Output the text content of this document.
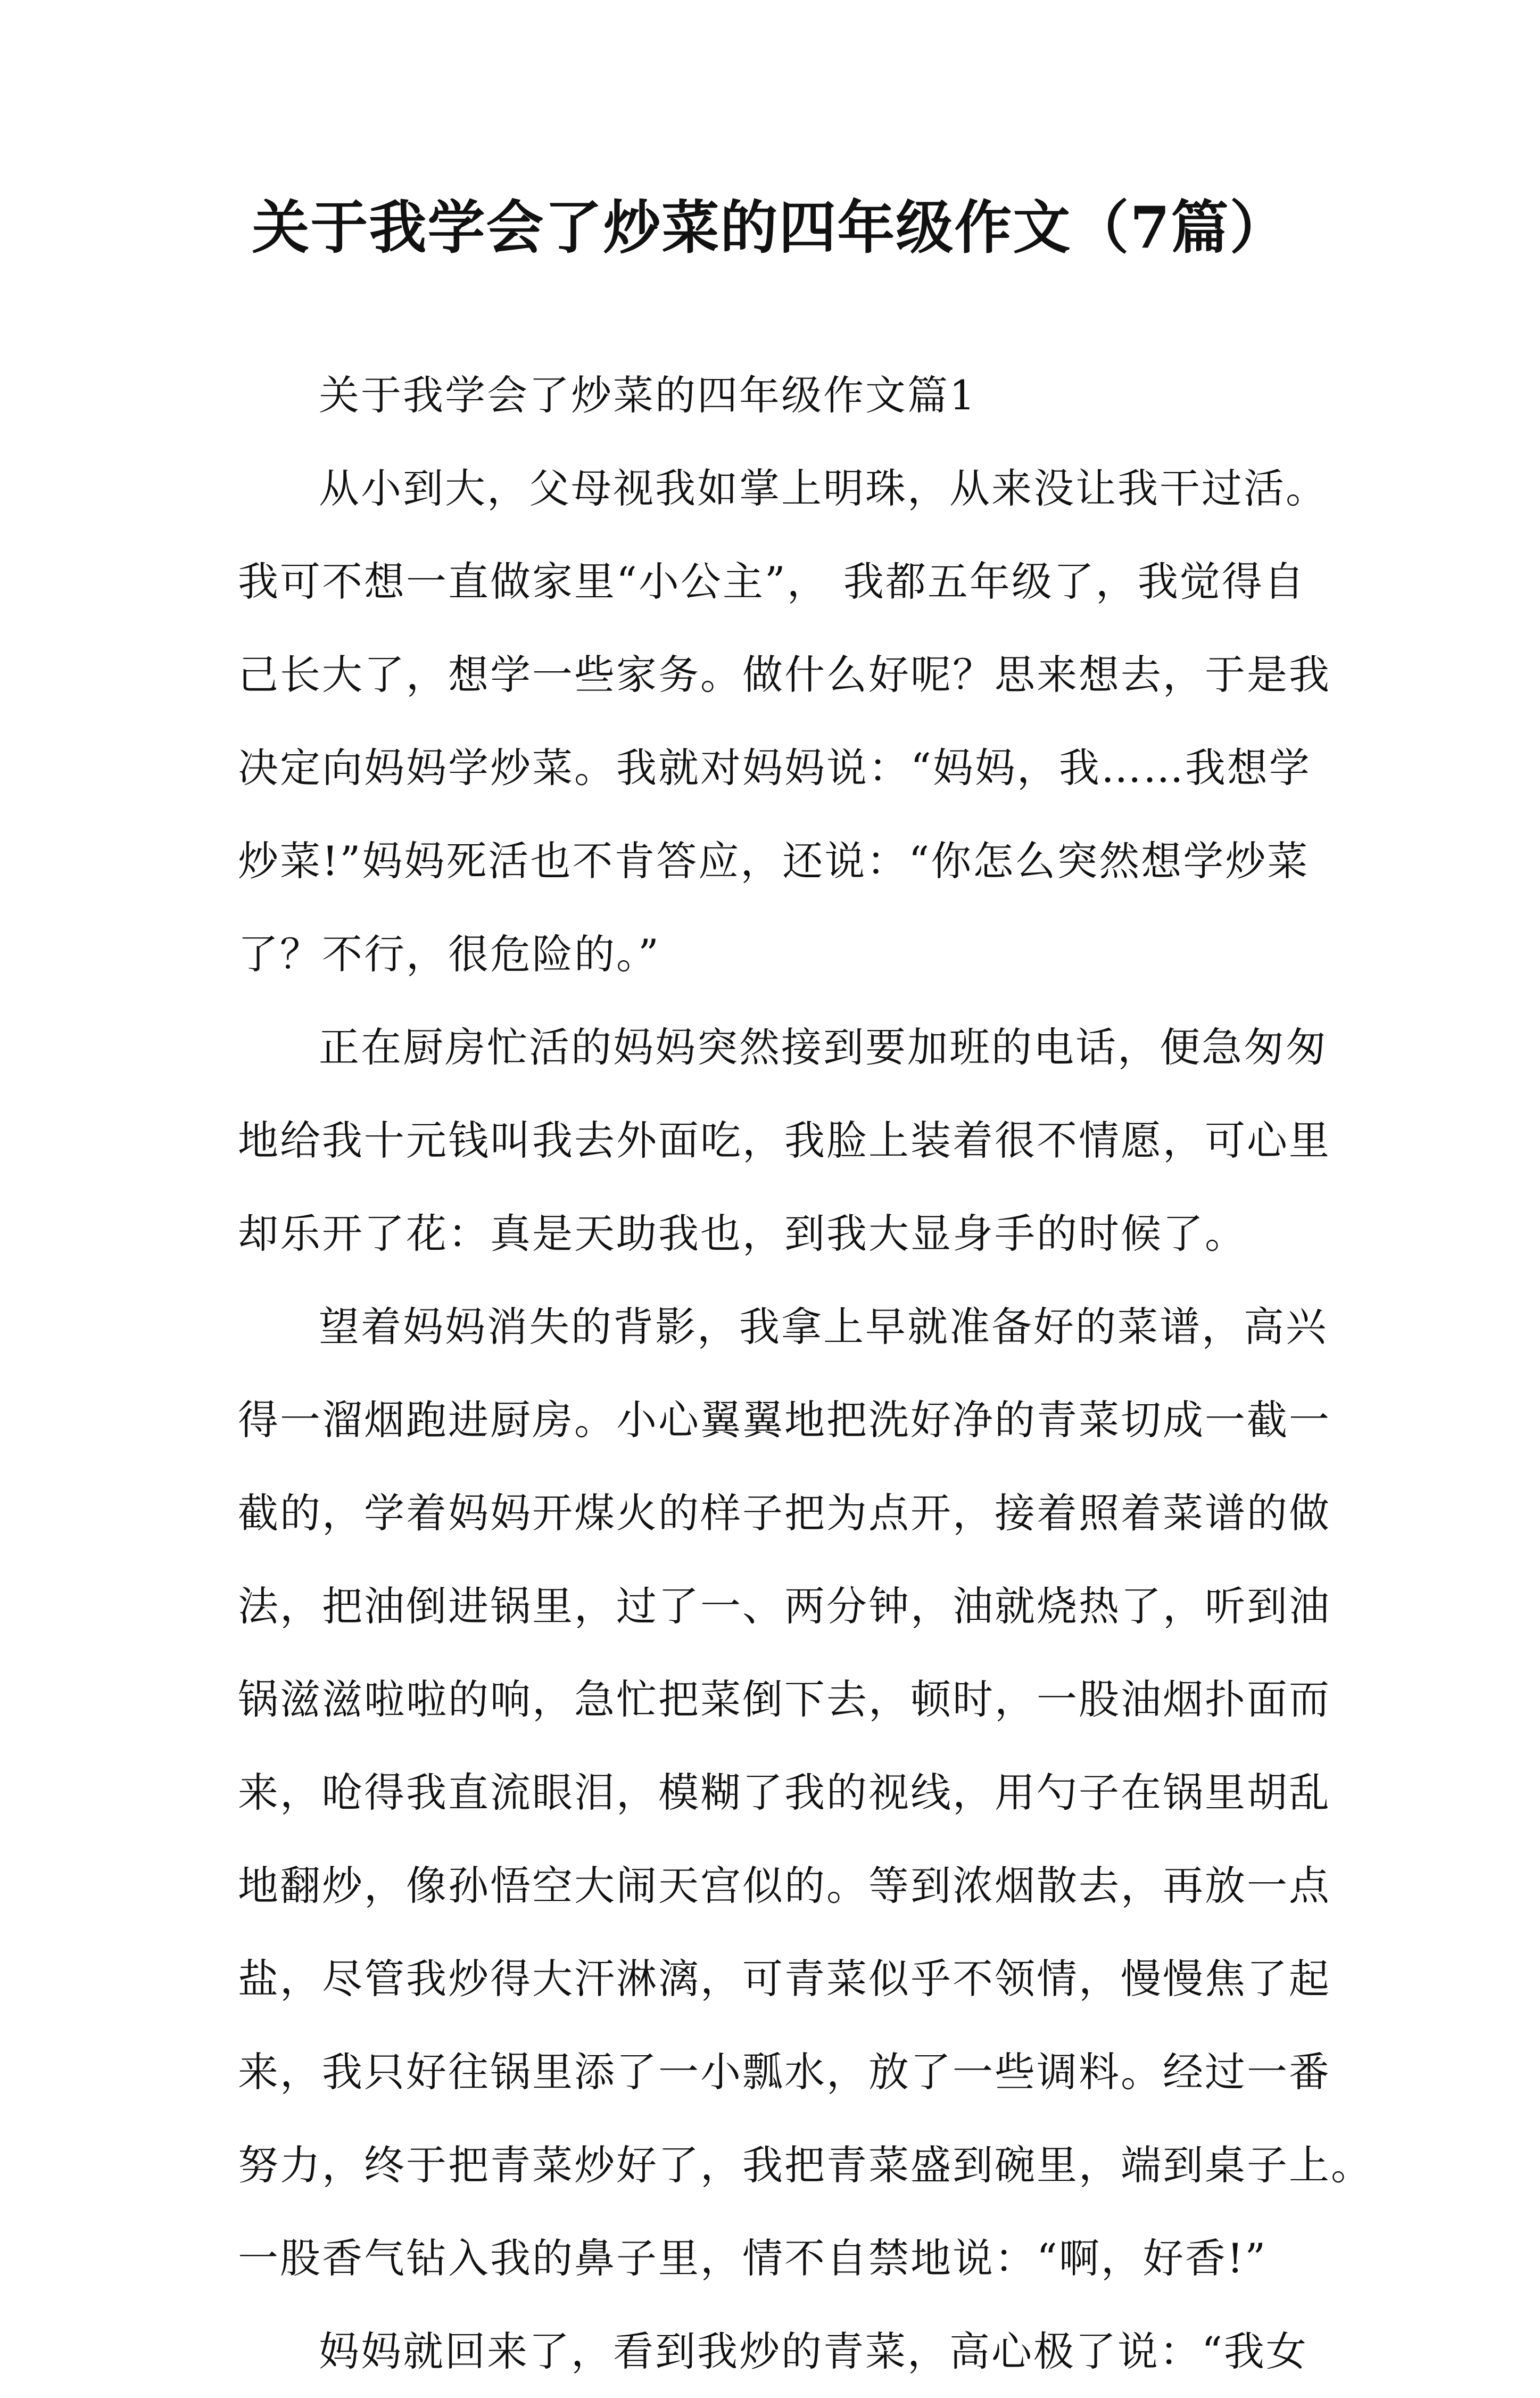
关于我学会了炒菜的四年级作文（7篇）

关于我学会了炒菜的四年级作文篇1

从小到大，父母视我如掌上明珠，从来没让我干过活。

我可不想一直做家里“小公主”， 我都五年级了，我觉得自

己长大了，想学一些家务。做什么好呢？思来想去，于是我

决定向妈妈学炒菜。我就对妈妈说：“妈妈，我……我想学

炒菜!”妈妈死活也不肯答应，还说：“你怎么突然想学炒菜

了？不行，很危险的。”

正在厨房忙活的妈妈突然接到要加班的电话，便急匆匆

地给我十元钱叫我去外面吃，我脸上装着很不情愿，可心里

却乐开了花：真是天助我也，到我大显身手的时候了。

望着妈妈消失的背影，我拿上早就准备好的菜谱，高兴

得一溜烟跑进厨房。小心翼翼地把洗好净的青菜切成一截一

截的，学着妈妈开煤火的样子把为点开，接着照着菜谱的做

法，把油倒进锅里，过了一、两分钟，油就烧热了，听到油

锅滋滋啦啦的响，急忙把菜倒下去，顿时，一股油烟扑面而

来，呛得我直流眼泪，模糊了我的视线，用勺子在锅里胡乱

地翻炒，像孙悟空大闹天宫似的。等到浓烟散去，再放一点

盐，尽管我炒得大汗淋漓，可青菜似乎不领情，慢慢焦了起

来，我只好往锅里添了一小瓢水，放了一些调料。经过一番

努力，终于把青菜炒好了，我把青菜盛到碗里，端到桌子上。

一股香气钻入我的鼻子里，情不自禁地说：“啊，好香!”

妈妈就回来了，看到我炒的青菜，高心极了说：“我女
